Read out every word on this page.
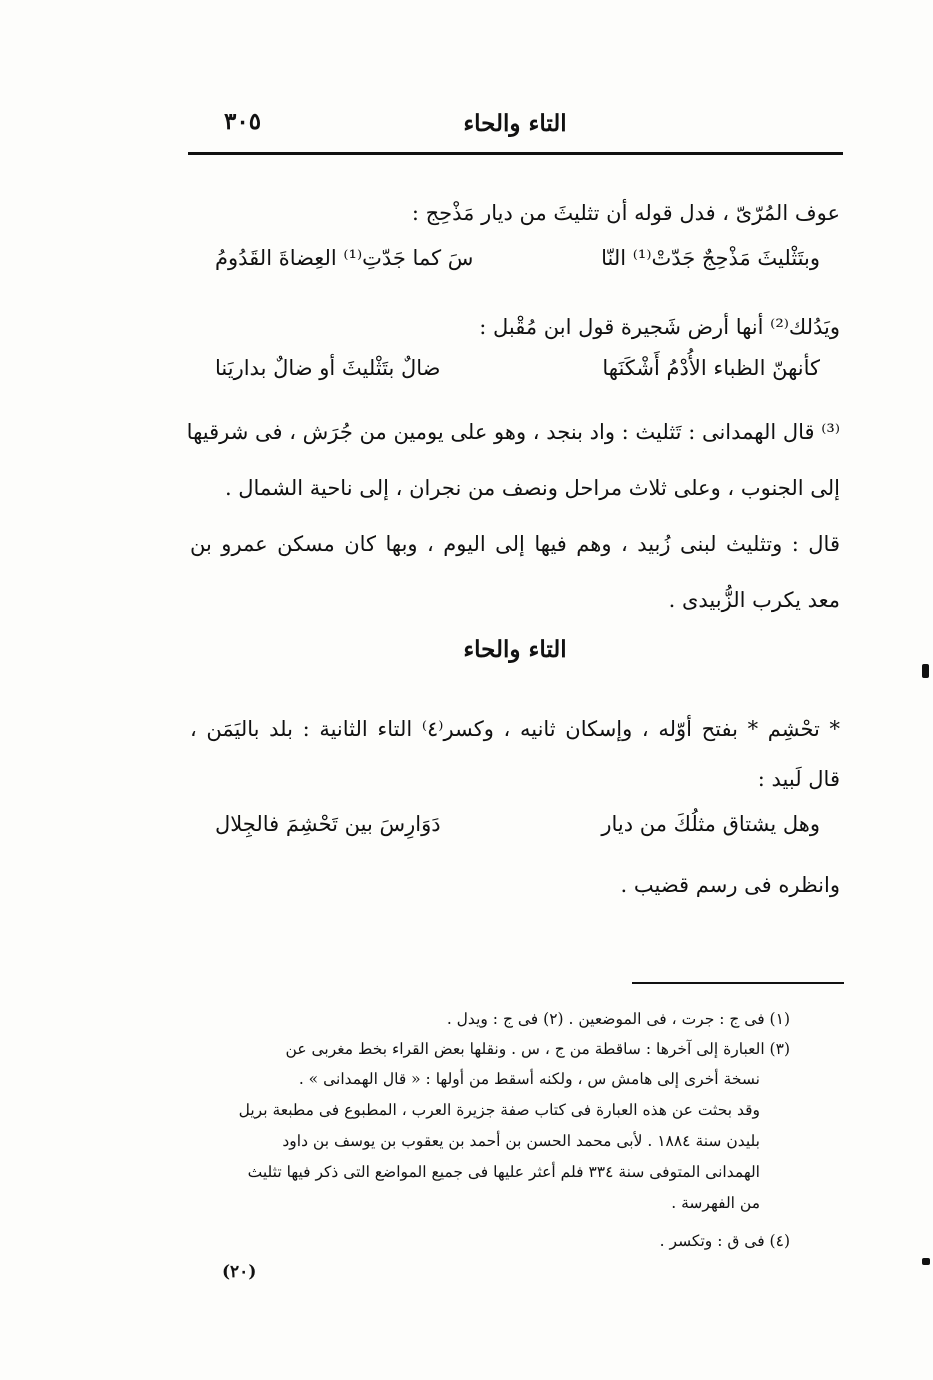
التاء والحاء
٣٠٥
عوف المُرّىّ ، فدل قوله أن تثليثَ من ديار مَذْحِج :
وبتَثْليثَ مَذْحِجٌ جَدّتْ⁽¹⁾ النّا
سَ كما جَدّتِ⁽¹⁾ العِضاةَ القَدُومُ
ويَدُلك⁽²⁾ أنها أرض شَجيرة قول ابن مُقْبل :
كأنهنّ الظباء الأُدْمُ أَشْكَنَها
ضالٌ بتَثْليثَ أو ضالٌ بداريَنا
⁽³⁾ قال الهمدانى : تَثليث : واد بنجد ، وهو على يومين من جُرَش ، فى شرقيها
إلى الجنوب ، وعلى ثلاث مراحل ونصف من نجران ، إلى ناحية الشمال .
قال : وتثليث لبنى زُبيد ، وهم فيها إلى اليوم ، وبها كان مسكن عمرو بن
معد يكرب الزُّبيدى .
التاء والحاء
* تحْشِم * بفتح أوّله ، وإسكان ثانيه ، وكسر⁽٤⁾ التاء الثانية : بلد باليَمَن ،
قال لَبيد :
وهل يشتاق مثلُكَ من ديار
دَوَارِسَ بين تَحْشِمَ فالجِلال
وانظره فى رسم قضيب .
(١) فى ج : جرت ، فى الموضعين . (٢) فى ج : ويدل .
(٣) العبارة إلى آخرها : ساقطة من ج ، س . ونقلها بعض القراء بخط مغربى عن
نسخة أخرى إلى هامش س ، ولكنه أسقط من أولها : « قال الهمدانى » .
وقد بحثت عن هذه العبارة فى كتاب صفة جزيرة العرب ، المطبوع فى مطبعة بريل
بليدن سنة ١٨٨٤ . لأبى محمد الحسن بن أحمد بن يعقوب بن يوسف بن داود
الهمدانى المتوفى سنة ٣٣٤ فلم أعثر عليها فى جميع المواضع التى ذكر فيها تثليث
من الفهرسة .
(٤) فى ق : وتكسر .
(٢٠)
